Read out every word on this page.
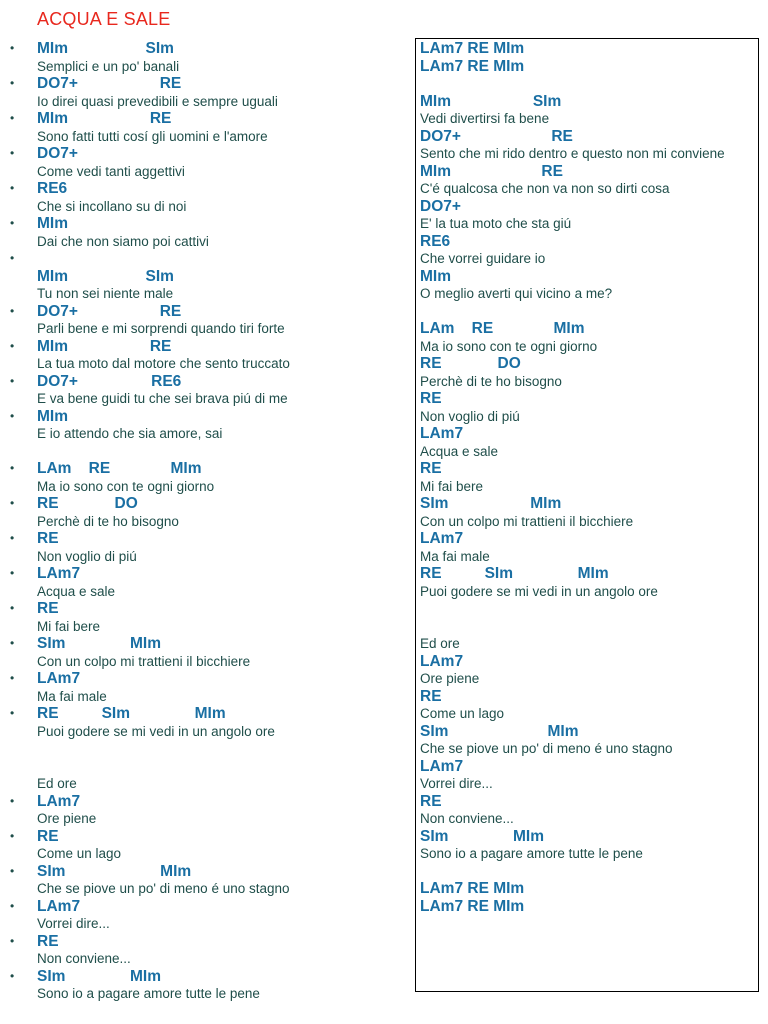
ACQUA E SALE
• MIm                  SIm
Semplici e un po' banali
• DO7+                   RE
Io direi quasi prevedibili e sempre uguali
• MIm                   RE
Sono fatti tutti cosí gli uomini e l'amore
• DO7+
Come vedi tanti aggettivi
• RE6
Che si incollano su di noi
• MIm
Dai che non siamo poi cattivi
•
MIm                  SIm
Tu non sei niente male
• DO7+                   RE
Parli bene e mi sorprendi quando tiri forte
• MIm                   RE
La tua moto dal motore che sento truccato
• DO7+                 RE6
E va bene guidi tu che sei brava piú di me
• MIm
E io attendo che sia amore, sai
• LAm    RE              MIm
Ma io sono con te ogni giorno
• RE             DO
Perchè di te ho bisogno
• RE
Non voglio di piú
• LAm7
Acqua e sale
• RE
Mi fai bere
• SIm               MIm
Con un colpo mi trattieni il bicchiere
• LAm7
Ma fai male
• RE          SIm               MIm
Puoi godere se mi vedi in un angolo ore
Ed ore
• LAm7
Ore piene
• RE
Come un lago
• SIm                      MIm
Che se piove un po' di meno é uno stagno
• LAm7
Vorrei dire...
• RE
Non conviene...
• SIm               MIm
Sono io a pagare amore tutte le pene
LAm7 RE MIm
LAm7 RE MIm
MIm                   SIm
Vedi divertirsi fa bene
DO7+                     RE
Sento che mi rido dentro e questo non mi conviene
MIm                     RE
C'é qualcosa che non va non so dirti cosa
DO7+
E' la tua moto che sta giú
RE6
Che vorrei guidare io
MIm
O meglio averti qui vicino a me?
LAm    RE              MIm
Ma io sono con te ogni giorno
RE             DO
Perchè di te ho bisogno
RE
Non voglio di piú
LAm7
Acqua e sale
RE
Mi fai bere
SIm                   MIm
Con un colpo mi trattieni il bicchiere
LAm7
Ma fai male
RE          SIm               MIm
Puoi godere se mi vedi in un angolo ore
Ed ore
LAm7
Ore piene
RE
Come un lago
SIm                       MIm
Che se piove un po' di meno é uno stagno
LAm7
Vorrei dire...
RE
Non conviene...
SIm               MIm
Sono io a pagare amore tutte le pene
LAm7 RE MIm
LAm7 RE MIm
